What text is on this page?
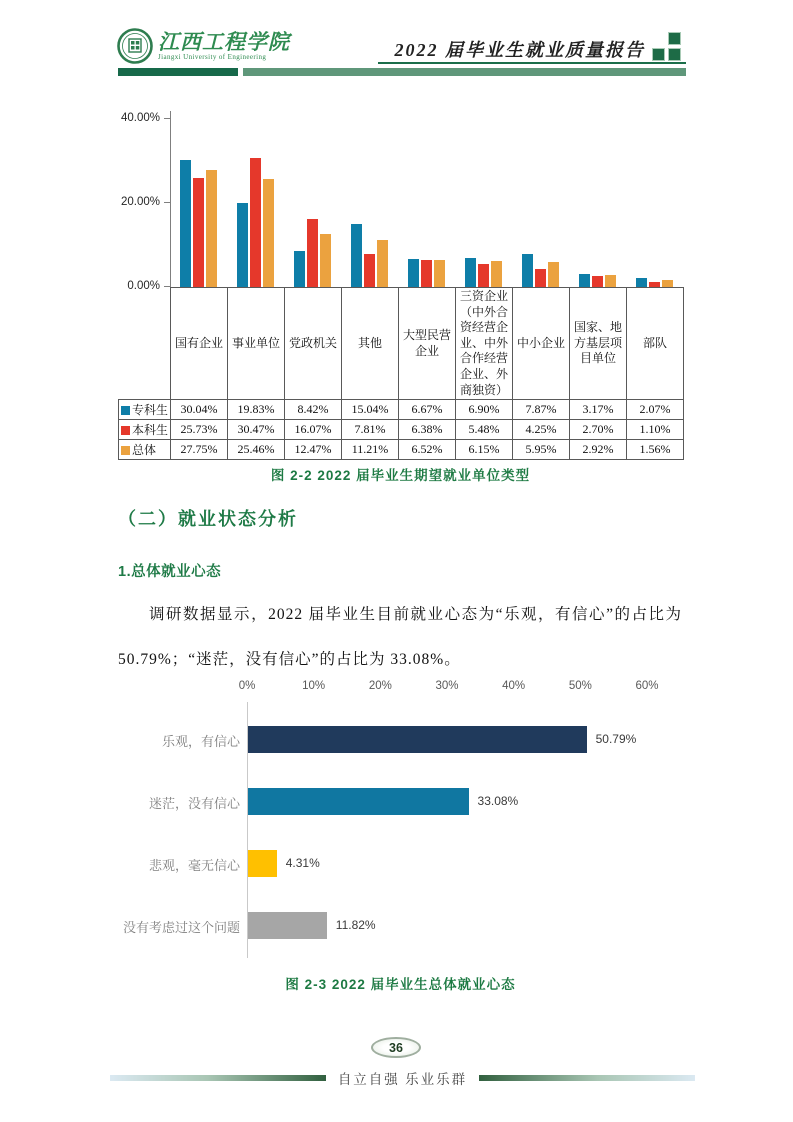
江西工程学院
Jiangxi University of Engineering	2022 届毕业生就业质量报告
40.00%
20.00%
0.00%
	国有企业	事业单位	党政机关	其他	大型民营企业	三资企业（中外合资经营企业、中外合作经营企业、外商独资）	中小企业	国家、地方基层项目单位	部队
专科生	30.04%	19.83%	8.42%	15.04%	6.67%	6.90%	7.87%	3.17%	2.07%
本科生	25.73%	30.47%	16.07%	7.81%	6.38%	5.48%	4.25%	2.70%	1.10%
总体	27.75%	25.46%	12.47%	11.21%	6.52%	6.15%	5.95%	2.92%	1.56%
图 2-2 2022 届毕业生期望就业单位类型
（二）就业状态分析
1.总体就业心态
调研数据显示，2022 届毕业生目前就业心态为“乐观，有信心”的占比为 50.79%；“迷茫，没有信心”的占比为 33.08%。
0%	10%	20%	30%	40%	50%	60%
乐观，有信心	50.79%
迷茫，没有信心	33.08%
悲观，毫无信心	4.31%
没有考虑过这个问题	11.82%
图 2-3 2022 届毕业生总体就业心态
36
自立自强 乐业乐群
